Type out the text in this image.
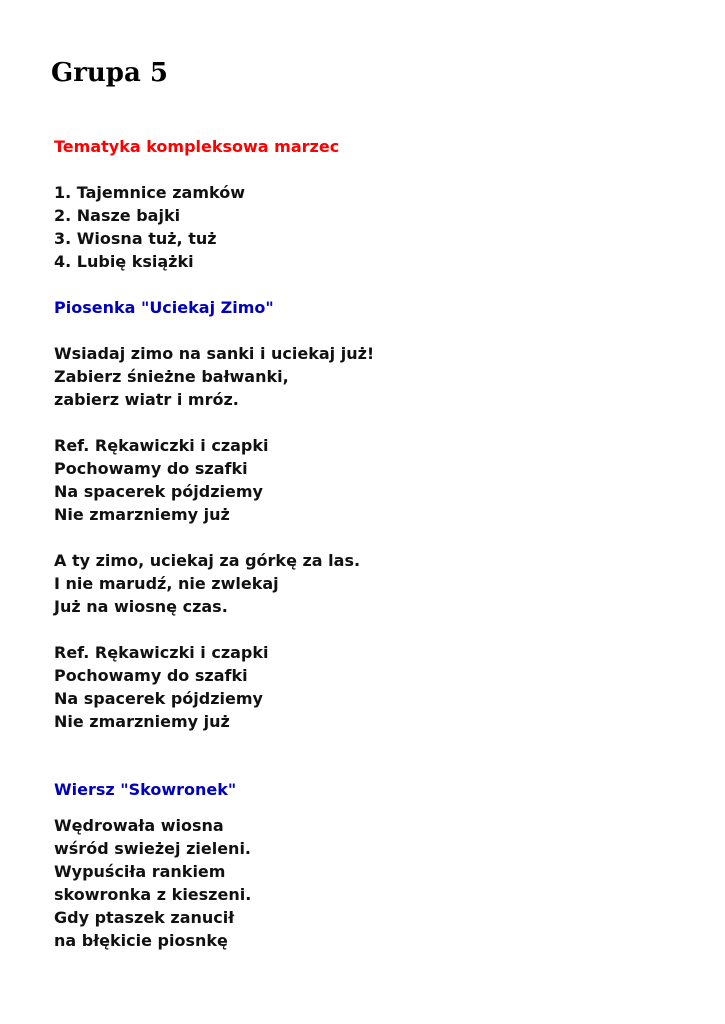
Grupa 5
Tematyka kompleksowa marzec
1. Tajemnice zamków
2. Nasze bajki
3. Wiosna tuż, tuż
4. Lubię książki
Piosenka "Uciekaj Zimo"
Wsiadaj zimo na sanki i uciekaj już!
Zabierz śnieżne bałwanki,
zabierz wiatr i mróz.
Ref. Rękawiczki i czapki
Pochowamy do szafki
Na spacerek pójdziemy
Nie zmarzniemy już
A ty zimo, uciekaj za górkę za las.
I nie marudź, nie zwlekaj
Już na wiosnę czas.
Ref. Rękawiczki i czapki
Pochowamy do szafki
Na spacerek pójdziemy
Nie zmarzniemy już
Wiersz "Skowronek"
Wędrowała wiosna
wśród swieżej zieleni.
Wypuściła rankiem
skowronka z kieszeni.
Gdy ptaszek zanucił
na błękicie piosnkę
